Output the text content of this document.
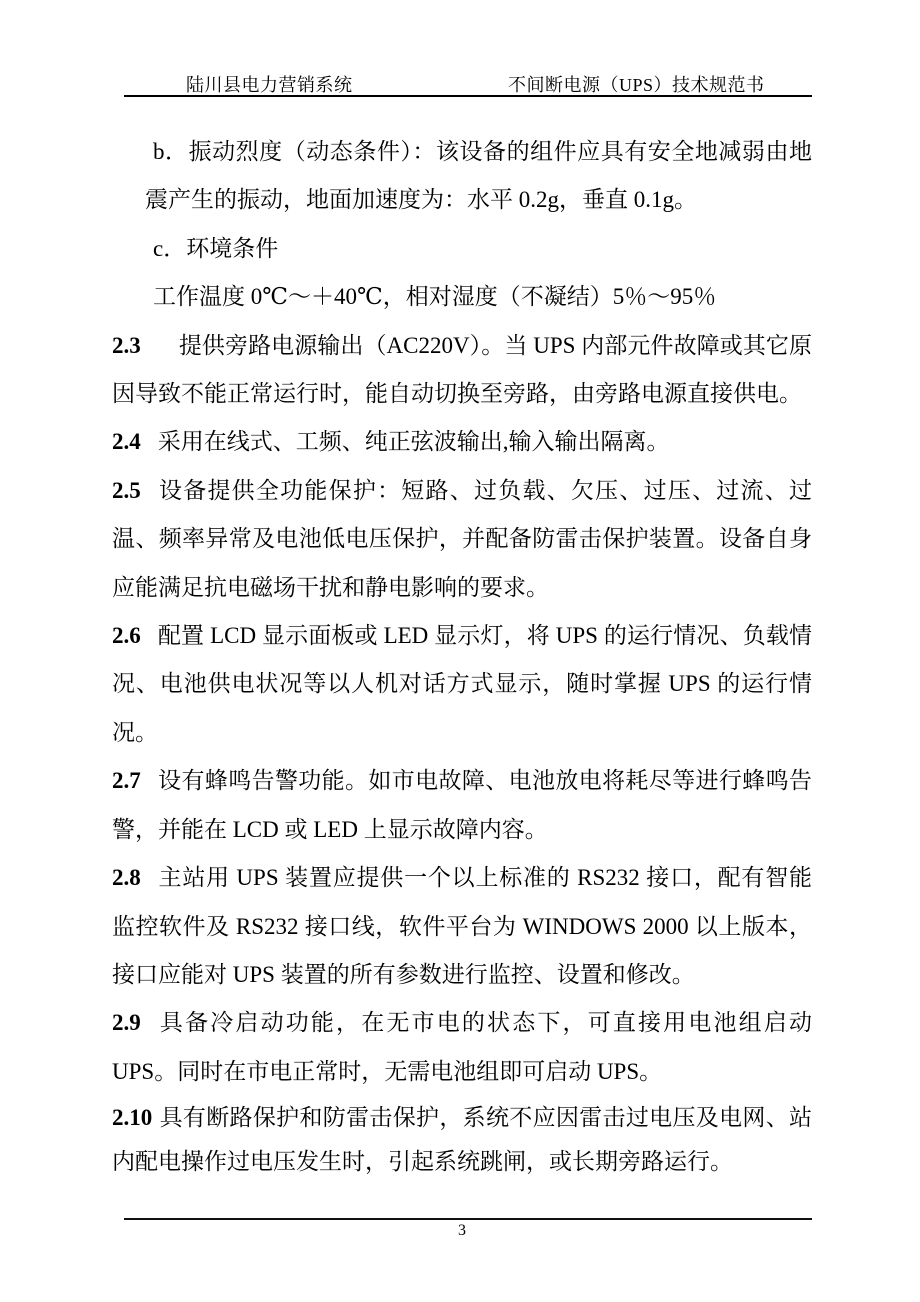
陆川县电力营销系统	不间断电源（UPS）技术规范书

b．振动烈度（动态条件）：该设备的组件应具有安全地减弱由地震产生的振动，地面加速度为：水平 0.2g，垂直 0.1g。

c．环境条件

工作温度 0℃～＋40℃，相对湿度（不凝结）5％～95％

2.3 提供旁路电源输出（AC220V）。当 UPS 内部元件故障或其它原因导致不能正常运行时，能自动切换至旁路，由旁路电源直接供电。

2.4 采用在线式、工频、纯正弦波输出,输入输出隔离。

2.5 设备提供全功能保护：短路、过负载、欠压、过压、过流、过温、频率异常及电池低电压保护，并配备防雷击保护装置。设备自身应能满足抗电磁场干扰和静电影响的要求。

2.6 配置 LCD 显示面板或 LED 显示灯，将 UPS 的运行情况、负载情况、电池供电状况等以人机对话方式显示，随时掌握 UPS 的运行情况。

2.7 设有蜂鸣告警功能。如市电故障、电池放电将耗尽等进行蜂鸣告警，并能在 LCD 或 LED 上显示故障内容。

2.8 主站用 UPS 装置应提供一个以上标准的 RS232 接口，配有智能监控软件及 RS232 接口线，软件平台为 WINDOWS 2000 以上版本，接口应能对 UPS 装置的所有参数进行监控、设置和修改。

2.9 具备冷启动功能，在无市电的状态下，可直接用电池组启动 UPS。同时在市电正常时，无需电池组即可启动 UPS。

2.10 具有断路保护和防雷击保护，系统不应因雷击过电压及电网、站内配电操作过电压发生时，引起系统跳闸，或长期旁路运行。

3
